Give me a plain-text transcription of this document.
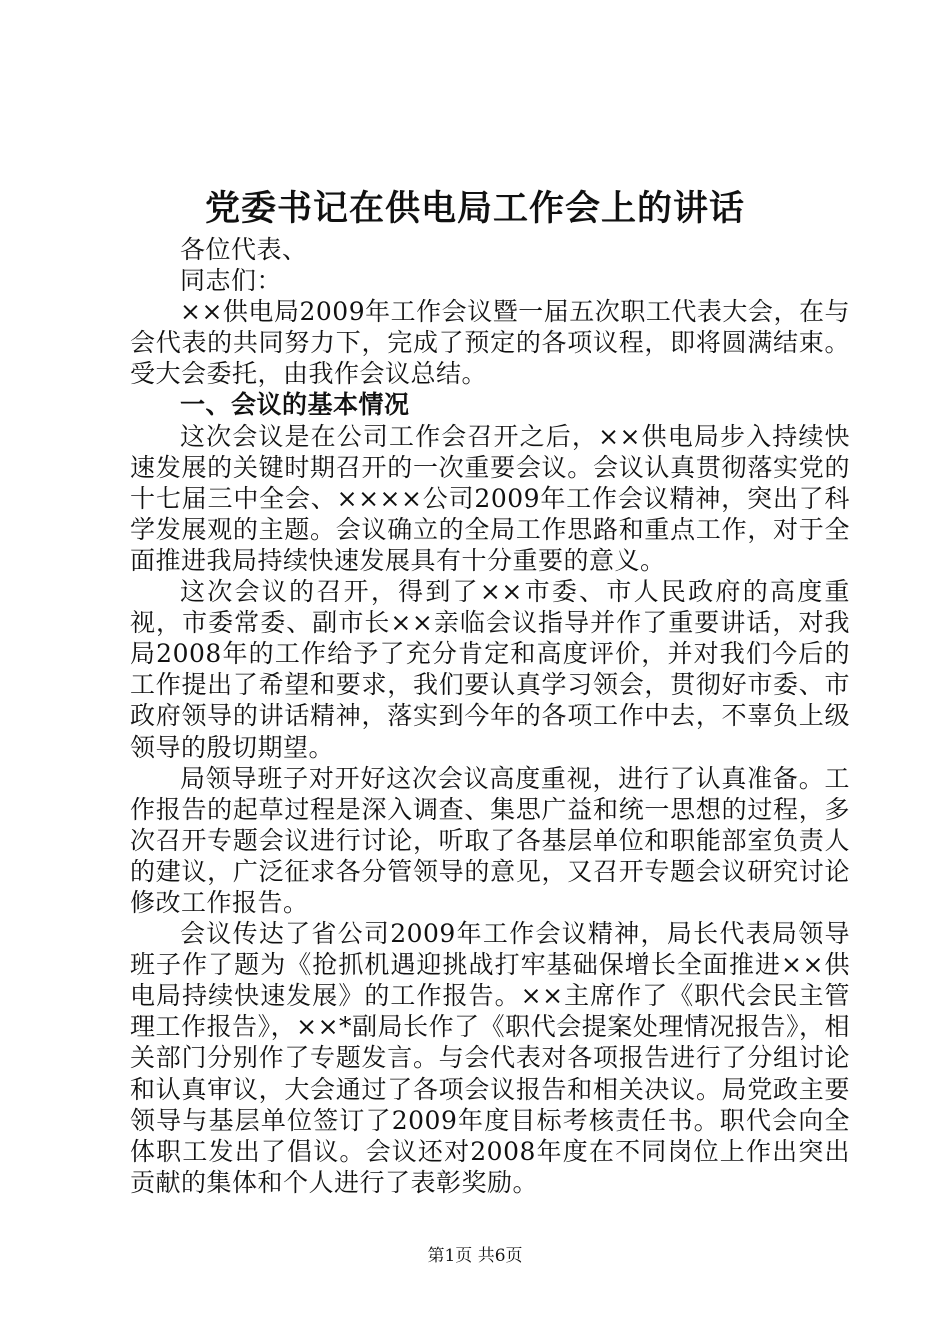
党委书记在供电局工作会上的讲话

各位代表、

同志们：

××供电局2009年工作会议暨一届五次职工代表大会，在与会代表的共同努力下，完成了预定的各项议程，即将圆满结束。受大会委托，由我作会议总结。

一、会议的基本情况

这次会议是在公司工作会召开之后，××供电局步入持续快速发展的关键时期召开的一次重要会议。会议认真贯彻落实党的十七届三中全会、××××公司2009年工作会议精神，突出了科学发展观的主题。会议确立的全局工作思路和重点工作，对于全面推进我局持续快速发展具有十分重要的意义。

这次会议的召开，得到了××市委、市人民政府的高度重视，市委常委、副市长××亲临会议指导并作了重要讲话，对我局2008年的工作给予了充分肯定和高度评价，并对我们今后的工作提出了希望和要求，我们要认真学习领会，贯彻好市委、市政府领导的讲话精神，落实到今年的各项工作中去，不辜负上级领导的殷切期望。

局领导班子对开好这次会议高度重视，进行了认真准备。工作报告的起草过程是深入调查、集思广益和统一思想的过程，多次召开专题会议进行讨论，听取了各基层单位和职能部室负责人的建议，广泛征求各分管领导的意见，又召开专题会议研究讨论修改工作报告。

会议传达了省公司2009年工作会议精神，局长代表局领导班子作了题为《抢抓机遇迎挑战打牢基础保增长全面推进××供电局持续快速发展》的工作报告。××主席作了《职代会民主管理工作报告》，××*副局长作了《职代会提案处理情况报告》，相关部门分别作了专题发言。与会代表对各项报告进行了分组讨论和认真审议，大会通过了各项会议报告和相关决议。局党政主要领导与基层单位签订了2009年度目标考核责任书。职代会向全体职工发出了倡议。会议还对2008年度在不同岗位上作出突出贡献的集体和个人进行了表彰奖励。

第1页 共6页
